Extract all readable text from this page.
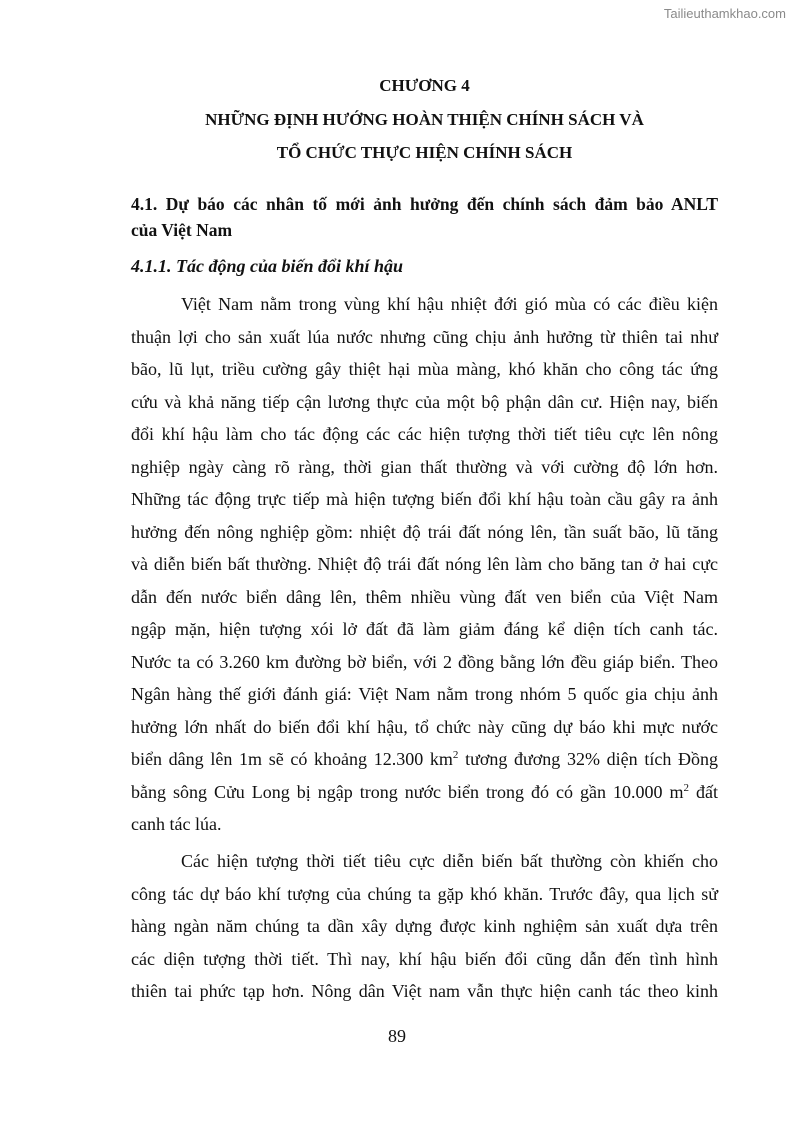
Tailieuthamkhao.com
CHƯƠNG 4
NHỮNG ĐỊNH HƯỚNG HOÀN THIỆN CHÍNH SÁCH VÀ
TỔ CHỨC THỰC HIỆN CHÍNH SÁCH
4.1. Dự báo các nhân tố mới ảnh hưởng đến chính sách đảm bảo ANLT
của Việt Nam
4.1.1. Tác động của biến đổi khí hậu
Việt Nam nằm trong vùng khí hậu nhiệt đới gió mùa có các điều kiện
thuận lợi cho sản xuất lúa nước nhưng cũng chịu ảnh hưởng từ thiên tai như
bão, lũ lụt, triều cường gây thiệt hại mùa màng, khó khăn cho công tác ứng
cứu và khả năng tiếp cận lương thực của một bộ phận dân cư. Hiện nay, biến
đổi khí hậu làm cho tác động các các hiện tượng thời tiết tiêu cực lên nông
nghiệp ngày càng rõ ràng, thời gian thất thường và với cường độ lớn hơn.
Những tác động trực tiếp mà hiện tượng biến đổi khí hậu toàn cầu gây ra ảnh
hưởng đến nông nghiệp gồm: nhiệt độ trái đất nóng lên, tần suất bão, lũ tăng
và diễn biến bất thường. Nhiệt độ trái đất nóng lên làm cho băng tan ở hai cực
dẫn đến nước biển dâng lên, thêm nhiều vùng đất ven biển của Việt Nam
ngập mặn, hiện tượng xói lở đất đã làm giảm đáng kể diện tích canh tác.
Nước ta có 3.260 km đường bờ biển, với 2 đồng bằng lớn đều giáp biển. Theo
Ngân hàng thế giới đánh giá: Việt Nam nằm trong nhóm 5 quốc gia chịu ảnh
hưởng lớn nhất do biến đổi khí hậu, tổ chức này cũng dự báo khi mực nước
biển dâng lên 1m sẽ có khoảng 12.300 $km^2$ tương đương 32% diện tích Đồng
bằng sông Cửu Long bị ngập trong nước biển trong đó có gần 10.000 $m^2$ đất
canh tác lúa.
Các hiện tượng thời tiết tiêu cực diễn biến bất thường còn khiến cho
công tác dự báo khí tượng của chúng ta gặp khó khăn. Trước đây, qua lịch sử
hàng ngàn năm chúng ta dần xây dựng được kinh nghiệm sản xuất dựa trên
các diện tượng thời tiết. Thì nay, khí hậu biến đổi cũng dẫn đến tình hình
thiên tai phức tạp hơn. Nông dân Việt nam vẫn thực hiện canh tác theo kinh
89
